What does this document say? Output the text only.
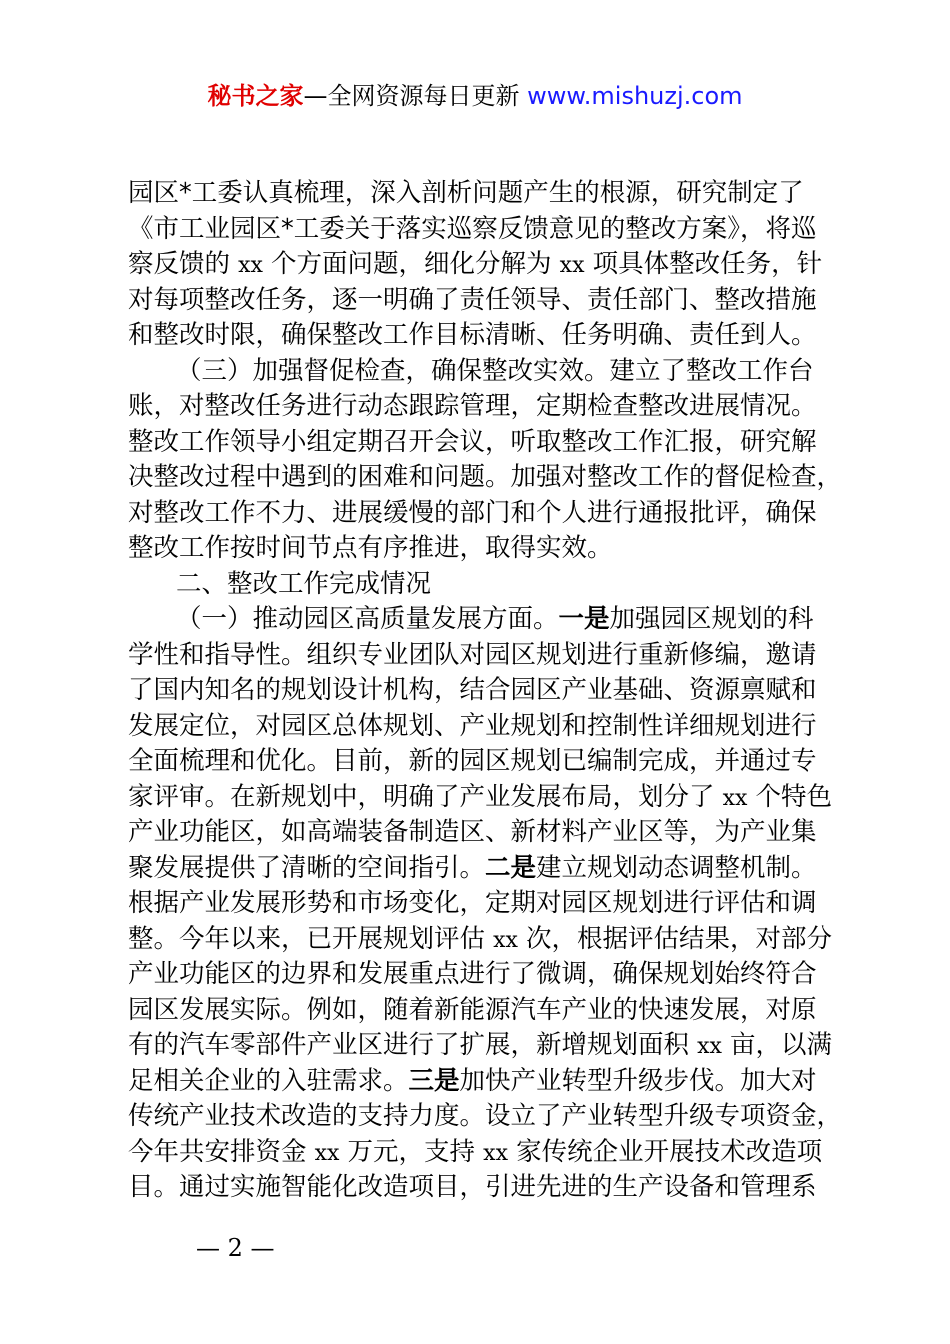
秘书之家—全网资源每日更新 www.mishuzj.com
园区*工委认真梳理，深入剖析问题产生的根源，研究制定了
《市工业园区*工委关于落实巡察反馈意见的整改方案》，将巡
察反馈的 xx 个方面问题，细化分解为 xx 项具体整改任务，针
对每项整改任务，逐一明确了责任领导、责任部门、整改措施
和整改时限，确保整改工作目标清晰、任务明确、责任到人。
（三）加强督促检查，确保整改实效。建立了整改工作台
账，对整改任务进行动态跟踪管理，定期检查整改进展情况。
整改工作领导小组定期召开会议，听取整改工作汇报，研究解
决整改过程中遇到的困难和问题。加强对整改工作的督促检查，
对整改工作不力、进展缓慢的部门和个人进行通报批评，确保
整改工作按时间节点有序推进，取得实效。
二、整改工作完成情况
（一）推动园区高质量发展方面。一是加强园区规划的科
学性和指导性。组织专业团队对园区规划进行重新修编，邀请
了国内知名的规划设计机构，结合园区产业基础、资源禀赋和
发展定位，对园区总体规划、产业规划和控制性详细规划进行
全面梳理和优化。目前，新的园区规划已编制完成，并通过专
家评审。在新规划中，明确了产业发展布局，划分了 xx 个特色
产业功能区，如高端装备制造区、新材料产业区等，为产业集
聚发展提供了清晰的空间指引。二是建立规划动态调整机制。
根据产业发展形势和市场变化，定期对园区规划进行评估和调
整。今年以来，已开展规划评估 xx 次，根据评估结果，对部分
产业功能区的边界和发展重点进行了微调，确保规划始终符合
园区发展实际。例如，随着新能源汽车产业的快速发展，对原
有的汽车零部件产业区进行了扩展，新增规划面积 xx 亩，以满
足相关企业的入驻需求。三是加快产业转型升级步伐。加大对
传统产业技术改造的支持力度。设立了产业转型升级专项资金，
今年共安排资金 xx 万元，支持 xx 家传统企业开展技术改造项
目。通过实施智能化改造项目，引进先进的生产设备和管理系
— 2 —
